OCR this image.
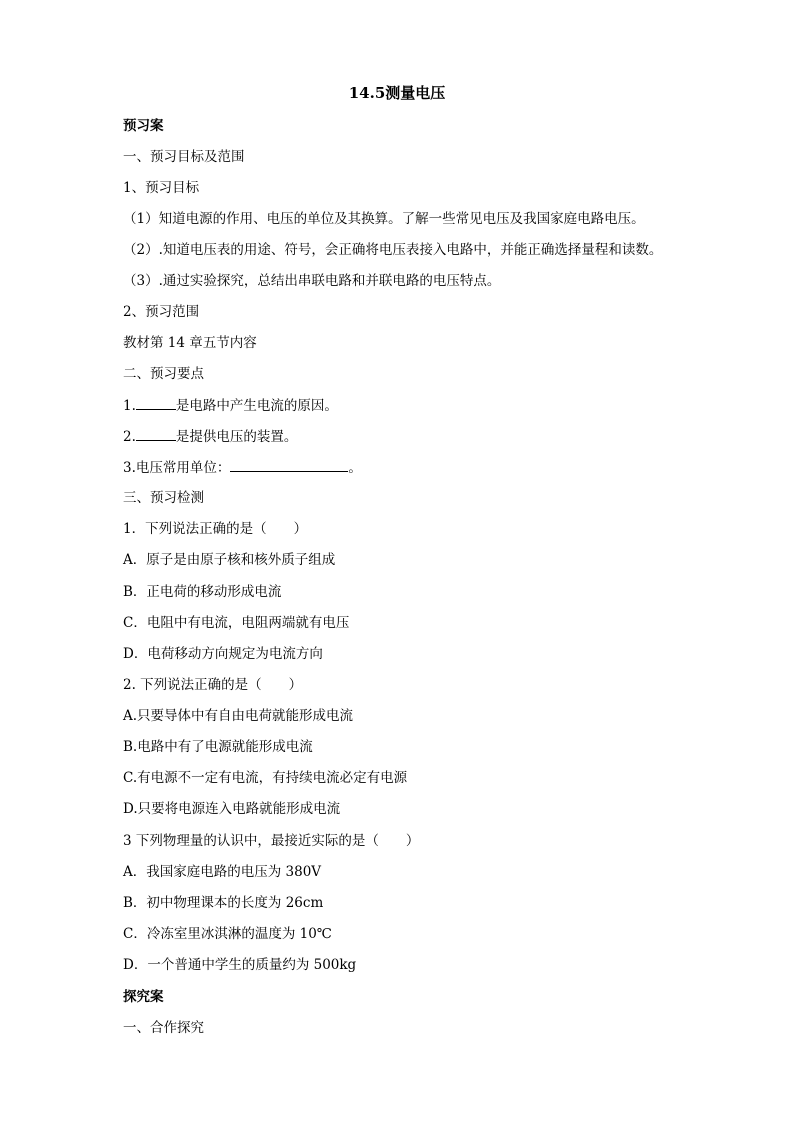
14.5测量电压
预习案
一、预习目标及范围
1、预习目标
（1）知道电源的作用、电压的单位及其换算。了解一些常见电压及我国家庭电路电压。
（2）.知道电压表的用途、符号，会正确将电压表接入电路中，并能正确选择量程和读数。
（3）.通过实验探究，总结出串联电路和并联电路的电压特点。
2、预习范围
教材第 14 章五节内容
二、预习要点
1.	是电路中产生电流的原因。
2.	是提供电压的装置。
3.电压常用单位：	。
三、预习检测
1．下列说法正确的是（　　）
A．原子是由原子核和核外质子组成
B．正电荷的移动形成电流
C．电阻中有电流，电阻两端就有电压
D．电荷移动方向规定为电流方向
2. 下列说法正确的是（　　）
A.只要导体中有自由电荷就能形成电流
B.电路中有了电源就能形成电流
C.有电源不一定有电流，有持续电流必定有电源
D.只要将电源连入电路就能形成电流
3 下列物理量的认识中，最接近实际的是（　　）
A．我国家庭电路的电压为 380V
B．初中物理课本的长度为 26cm
C．冷冻室里冰淇淋的温度为 10℃
D．一个普通中学生的质量约为 500kg
探究案
一、合作探究
